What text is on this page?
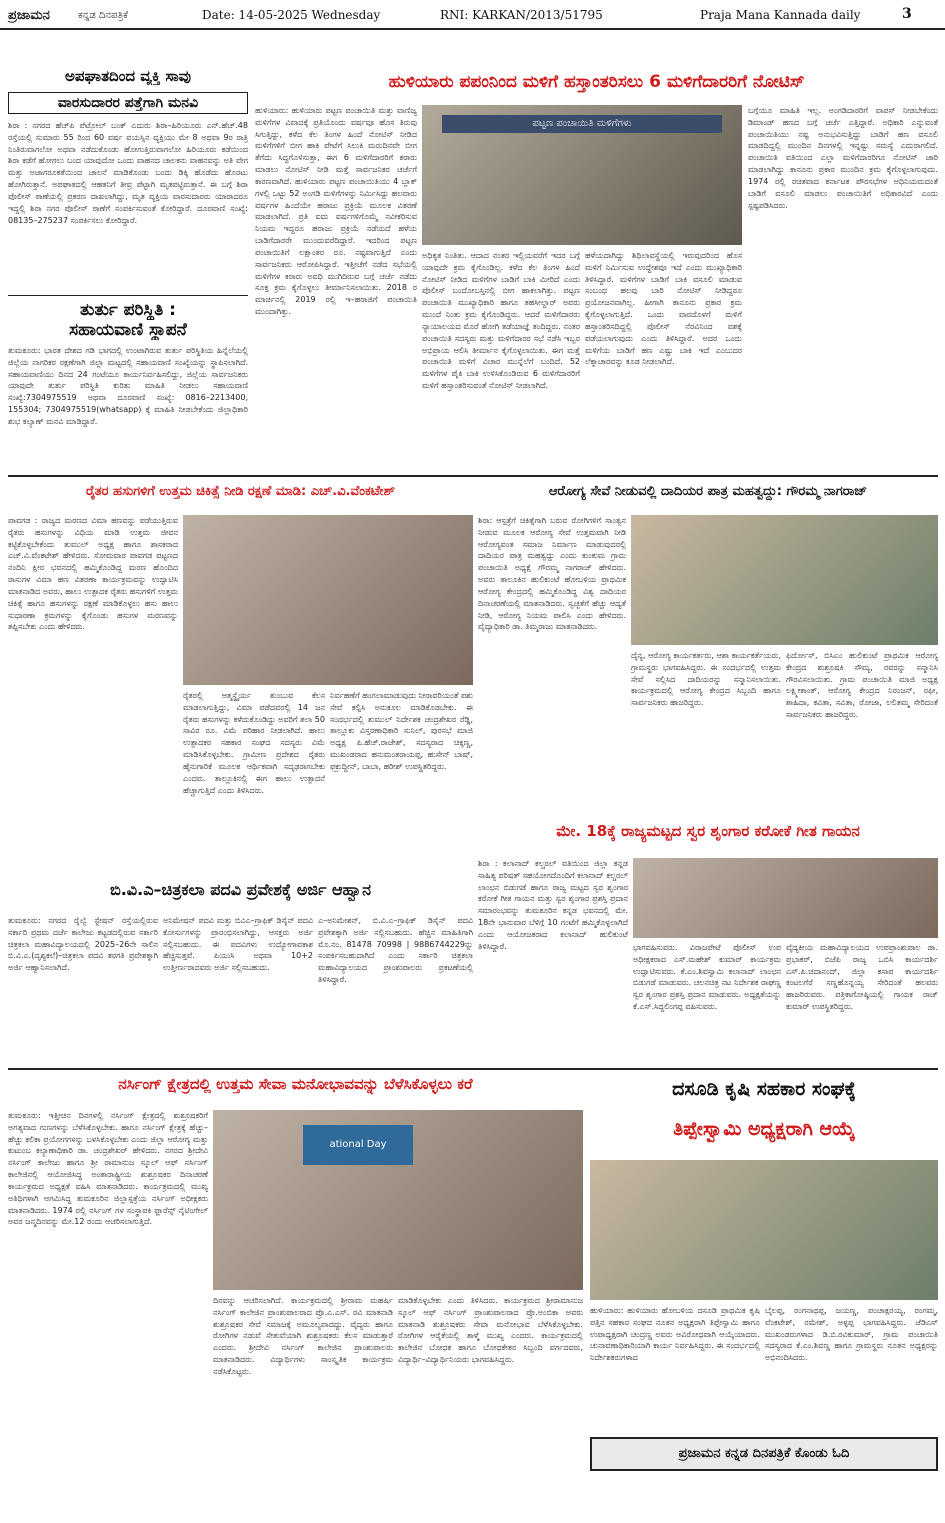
ಪ್ರಜಾಮನ	ಕನ್ನಡ ದಿನಪತ್ರಿಕೆ	Date: 14-05-2025 Wednesday	RNI: KARKAN/2013/51795	Praja Mana Kannada daily	3
ಅಪಘಾತದಿಂದ ವ್ಯಕ್ತಿ ಸಾವು
ವಾರಸುದಾರರ ಪತ್ತೆಗಾಗಿ ಮನವಿ
ಶಿರಾ : ನಗರದ ಹೆಚ್‌ಪಿ ಪೆಟ್ರೋಲ್ ಬಂಕ್ ಎದುರು ಶಿರಾ–ಹಿರಿಯೂರು ಎನ್.ಹೆಚ್.48 ರಸ್ತೆಯಲ್ಲಿ ಸುಮಾರು 55 ರಿಂದ 60 ವರ್ಷ ವಯಸ್ಸಿನ ವ್ಯಕ್ತಿಯು ಮೇ 8 ಅಥವಾ 9ರ ರಾತ್ರಿ ನಿಂತಿರುವಾಗಲೋ ಅಥವಾ ನಡೆದುಕೊಂಡು ಹೋಗುತ್ತಿರುವಾಗಲೋ ಹಿರಿಯೂರು ಕಡೆಯಿಂದ ಶಿರಾ ಕಡೆಗೆ ಹೋಗಲು ಬಂದ ಯಾವುದೋ ಒಂದು ವಾಹನದ ಚಾಲಕನು ವಾಹನವನ್ನು ಅತಿ ವೇಗ ಮತ್ತು ಅಜಾಗರೂಕತೆಯಿಂದ ಚಾಲನೆ ಮಾಡಿಕೊಂಡು ಬಂದು ಡಿಕ್ಕಿ ಹೊಡೆದು ಹೊರಟು ಹೋಗಿರುತ್ತಾನೆ. ಅಪಘಾತದಲ್ಲಿ ಆಹತನಿಗೆ ತೀವ್ರ ಪೆಟ್ಟಾಗಿ ಮೃತಪಟ್ಟಿರುತ್ತಾನೆ. ಈ ಬಗ್ಗೆ ಶಿರಾ ಪೊಲೀಸ್ ಠಾಣೆಯಲ್ಲಿ ಪ್ರಕರಣ ದಾಖಲಾಗಿದ್ದು, ಮೃತ ವ್ಯಕ್ತಿಯ ವಾರಸುದಾರರು ಯಾರಾದರೂ ಇದ್ದಲ್ಲಿ ಶಿರಾ ನಗರ ಪೊಲೀಸ್ ಠಾಣೆಗೆ ಸಂಪರ್ಕಿಸುವಂತೆ ಕೋರಿದ್ದಾರೆ. ದೂರವಾಣಿ ಸಂಖ್ಯೆ: 08135–275237 ಸಂಪರ್ಕಿಸಲು ಕೋರಿದ್ದಾರೆ.
ತುರ್ತು ಪರಿಸ್ಥಿತಿ :
ಸಹಾಯವಾಣಿ ಸ್ಥಾಪನೆ
ತುಮಕೂರು: ಭಾರತ ದೇಶದ ಗಡಿ ಭಾಗದಲ್ಲಿ ಉಂಟಾಗಿರುವ ತುರ್ತು ಪರಿಸ್ಥಿತಿಯ ಹಿನ್ನೆಲೆಯಲ್ಲಿ ಜಿಲ್ಲೆಯ ನಾಗರಿಕರ ರಕ್ಷಣೆಗಾಗಿ ಜಿಲ್ಲಾ ಮಟ್ಟದಲ್ಲಿ ಸಹಾಯವಾಣಿ ಸಂಖ್ಯೆಯನ್ನು ಸ್ಥಾಪಿಸಲಾಗಿದೆ. ಸಹಾಯವಾಣಿಯು ದಿನದ 24 ಗಂಟೆಯೂ ಕಾರ್ಯನಿರ್ವಹಿಸಲಿದ್ದು, ಜಿಲ್ಲೆಯ ಸಾರ್ವಜನಿಕರು ಯಾವುದೇ ತುರ್ತು ಪರಿಸ್ಥಿತಿ ಕುರಿತು ಮಾಹಿತಿ ನೀಡಲು ಸಹಾಯವಾಣಿ ಸಂಖ್ಯೆ:7304975519 ಅಥವಾ ದೂರವಾಣಿ ಸಂಖ್ಯೆ: 0816–2213400, 155304; 7304975519(whatsapp) ಕ್ಕೆ ಮಾಹಿತಿ ನೀಡಬೇಕೆಂದು ಜಿಲ್ಲಾಧಿಕಾರಿ ಶುಭ ಕಲ್ಯಾಣ್ ಮನವಿ ಮಾಡಿದ್ದಾರೆ.
ಹುಳಿಯಾರು ಪಪಂನಿಂದ ಮಳಿಗೆ ಹಸ್ತಾಂತರಿಸಲು 6 ಮಳಿಗೆದಾರರಿಗೆ ನೋಟಿಸ್
ಹುಳಿಯಾರು: ಹುಳಿಯಾರು ಪಟ್ಟಣ ಪಂಚಾಯಿತಿ ಮತ್ತು ವಾಣಿಜ್ಯ ಮಳಿಗೆಗಳ ವಿವಾದಕ್ಕೆ ಪ್ರತಿಯೊಂದು ವರ್ಷವೂ ಹೊಸ ತಿರುವು ಸಿಗುತ್ತಿದ್ದು, ಕಳೆದ ಕೆಲ ತಿಂಗಳ ಹಿಂದೆ ನೋಟಿಸ್ ನೀಡಿದ ಮಳಿಗೆಗಳಿಗೆ ಬೀಗ ಹಾಕಿ ಪೇಟೆಗೆ ಸಿಲುಕಿ ಮರುದಿನವೇ ಬೀಗ ತೆಗೆದು ಸಿದ್ಧಗೊಳಿಸುತ್ತಾ, ಈಗ 6 ಮಳಿಗೆದಾರರಿಗೆ ಕರಾರು ಮಾಡಲು ನೋಟಿಸ್ ನೀಡಿ ಮತ್ತೆ ಸಾರ್ವಜನಿಕರ ಚರ್ಚೆಗೆ ಕಾರಣವಾಗಿದೆ. ಹುಳಿಯಾರು ಪಟ್ಟಣ ಪಂಚಾಯಿತಿಯು 4 ಬ್ಲಾಕ್ ಗಳಲ್ಲಿ ಒಟ್ಟು 52 ಅಂಗಡಿ ಮಳಿಗೆಗಳನ್ನು ನಿರ್ಮಿಸಿದ್ದು ಹಲವಾರು ವರ್ಷಗಳ ಹಿಂದೆಯೇ ಹರಾಜು ಪ್ರಕ್ರಿಯೆ ಮೂಲಕ ವಿತರಣೆ ಮಾಡಲಾಗಿದೆ. ಪ್ರತಿ ಐದು ವರ್ಷಗಳಿಗೊಮ್ಮೆ ನವೀಕರಿಸುವ ನಿಯಮ ಇದ್ದರೂ ಹರಾಜು ಪ್ರಕ್ರಿಯೆ ನಡೆಯದೆ ಹಳೆಯ ಬಾಡಿಗೆದಾರರೇ ಮುಂದುವರೆದಿದ್ದಾರೆ. ಇದರಿಂದ ಪಟ್ಟಣ ಪಂಚಾಯಿತಿಗೆ ಲಕ್ಷಾಂತರ ರೂ. ನಷ್ಟವಾಗುತ್ತಿದೆ ಎಂದು ಸಾರ್ವಜನಿಕರು ಆರೋಪಿಸಿದ್ದಾರೆ. ಇತ್ತೀಚೆಗೆ ನಡೆದ ಸಭೆಯಲ್ಲಿ ಮಳಿಗೆಗಳ ಕರಾರು ಅವಧಿ ಮುಗಿದಿರುವ ಬಗ್ಗೆ ಚರ್ಚೆ ನಡೆದು ಸೂಕ್ತ ಕ್ರಮ ಕೈಗೊಳ್ಳಲು ತೀರ್ಮಾನಿಸಲಾಯಿತು. 2018 ರ ಮಾರ್ಚಿನಲ್ಲಿ 2019 ರಲ್ಲಿ ಇ–ಹರಾಜಿಗೆ ಪಂಚಾಯಿತಿ ಮುಂದಾಗಿತ್ತು.
ಪಟ್ಟಣ ಪಂಚಾಯಿತಿ ಮಳಿಗೆಗಳು
ಅಧಿಕೃತ ನಿಂತಿತು. ಆದಾದ ನಂತರ ಇಲ್ಲಿಯವರೆಗೆ ಇದರ ಬಗ್ಗೆ ಯಾವುದೇ ಕ್ರಮ ಕೈಗೊಂಡಿಲ್ಲ. ಕಳೆದ ಕೆಲ ತಿಂಗಳ ಹಿಂದೆ ನೋಟಿಸ್ ನೀಡಿದ ಮಳಿಗೆಗಳ ಬಾಡಿಗೆ ಬಾಕಿ ಮೀರಿದೆ ಎಂದು ಪೊಲೀಸ್ ಬಂದೋಬಸ್ತಿನಲ್ಲಿ ಬೀಗ ಹಾಕಲಾಗಿತ್ತು. ಪಟ್ಟಣ ಪಂಚಾಯಿತಿ ಮುಖ್ಯಾಧಿಕಾರಿ ಹಾಗೂ ತಹಸೀಲ್ದಾರ್ ಅವರು ಮುಂದೆ ನಿಂತು ಕ್ರಮ ಕೈಗೊಂಡಿದ್ದರು. ಆದರೆ ಮಳಿಗೆದಾರರು ನ್ಯಾಯಾಲಯದ ಮೊರೆ ಹೋಗಿ ತಡೆಯಾಜ್ಞೆ ತಂದಿದ್ದರು. ನಂತರ ಪಂಚಾಯಿತಿ ಸದಸ್ಯರು ಮತ್ತು ಮಳಿಗೆದಾರರ ಸಭೆ ನಡೆಸಿ ಇಬ್ಬರ ಅಭಿಪ್ರಾಯ ಆಲಿಸಿ ತೀರ್ಮಾನ ಕೈಗೊಳ್ಳಲಾಯಿತು. ಈಗ ಮತ್ತೆ ಪಂಚಾಯಿತಿ ಮಳಿಗೆ ವಿಚಾರ ಮುನ್ನೆಲೆಗೆ ಬಂದಿದೆ. 52 ಮಳಿಗೆಗಳ ಪೈಕಿ ಬಾಕಿ ಉಳಿಸಿಕೊಂಡಿರುವ 6 ಮಳಿಗೆದಾರರಿಗೆ ಮಳಿಗೆ ಹಸ್ತಾಂತರಿಸುವಂತೆ ನೋಟಿಸ್ ನೀಡಲಾಗಿದೆ.
ಹಳೆಯದಾಗಿದ್ದು ಶಿಥಿಲಾವಸ್ಥೆಯಲ್ಲಿ ಇರುವುದರಿಂದ ಹೊಸ ಮಳಿಗೆ ನಿರ್ಮಿಸುವ ಉದ್ದೇಶವೂ ಇದೆ ಎಂದು ಮುಖ್ಯಾಧಿಕಾರಿ ತಿಳಿಸಿದ್ದಾರೆ. ಮಳಿಗೆಗಳ ಬಾಡಿಗೆ ಬಾಕಿ ವಸೂಲಿ ಮಾಡುವ ಸಂಬಂಧ ಹಲವು ಬಾರಿ ನೋಟಿಸ್ ನೀಡಿದ್ದರೂ ಪ್ರಯೋಜನವಾಗಿಲ್ಲ. ಹೀಗಾಗಿ ಕಾನೂನು ಪ್ರಕಾರ ಕ್ರಮ ಕೈಗೊಳ್ಳಲಾಗುತ್ತಿದೆ. ಒಂದು ವಾರದೊಳಗೆ ಮಳಿಗೆ ಹಸ್ತಾಂತರಿಸದಿದ್ದಲ್ಲಿ ಪೊಲೀಸ್ ನೆರವಿನಿಂದ ವಶಕ್ಕೆ ಪಡೆಯಲಾಗುವುದು ಎಂದು ತಿಳಿಸಿದ್ದಾರೆ. ಅದರ ಒಂದು ಮಳಿಗೆಯ ಬಾಡಿಗೆ ಹಣ ಎಷ್ಟು ಬಾಕಿ ಇದೆ ಎಂಬುದರ ಲೆಕ್ಕಾಚಾರವನ್ನು ಕೂಡ ನೀಡಲಾಗಿದೆ.
ಬಗ್ಗೆಯೂ ಮಾಹಿತಿ ಇಲ್ಲ. ಅಂಗಡಿದಾರರಿಗೆ ವಾಪಸ್ ನೀಡಬೇಕೆಂದು ಡಿಮಾಂಡ್ ಹಣದ ಬಗ್ಗೆ ಚರ್ಚೆ ಎತ್ತಿದ್ದಾರೆ. ಅಧಿಕಾರಿ ಎನ್ನುವಂತೆ ಪಂಚಾಯಿತಿಯು ನಷ್ಟ ಅನುಭವಿಸುತ್ತಿದ್ದು ಬಾಡಿಗೆ ಹಣ ವಸೂಲಿ ಮಾಡದಿದ್ದಲ್ಲಿ ಮುಂದಿನ ದಿನಗಳಲ್ಲಿ ಇನ್ನಷ್ಟು ಸಮಸ್ಯೆ ಎದುರಾಗಲಿದೆ. ಪಂಚಾಯಿತಿ ವತಿಯಿಂದ ಎಲ್ಲಾ ಮಳಿಗೆದಾರರಿಗೂ ನೋಟಿಸ್ ಜಾರಿ ಮಾಡಲಾಗಿದ್ದು ಕಾನೂನು ಪ್ರಕಾರ ಮುಂದಿನ ಕ್ರಮ ಕೈಗೊಳ್ಳಲಾಗುವುದು. 1974 ರಲ್ಲಿ ರಚಿತವಾದ ಕರ್ನಾಟಕ ಪೌರಸಭೆಗಳ ಅಧಿನಿಯಮದಂತೆ ಬಾಡಿಗೆ ವಸೂಲಿ ಮಾಡಲು ಪಂಚಾಯಿತಿಗೆ ಅಧಿಕಾರವಿದೆ ಎಂದು ಸ್ಪಷ್ಟಪಡಿಸಿದರು.
ರೈತರ ಹಸುಗಳಿಗೆ ಉತ್ತಮ ಚಿಕಿತ್ಸೆ ನೀಡಿ ರಕ್ಷಣೆ ಮಾಡಿ: ಎಚ್.ವಿ.ವೆಂಕಟೇಶ್
ಪಾವಗಡ : ರಾಜ್ಯದ ಮರಣದ ವಿಮಾ ಹಣವನ್ನು ಪಡೆಯುತ್ತಿರುವ ರೈತರು ಹಸುಗಳನ್ನು ವಿಧಿಯ ಮಾಡಿ ಉತ್ತಮ ಜೀವನ ಕಟ್ಟಿಕೊಳ್ಳಬೇಕೆಂದು ತುಮುಲ್ ಅಧ್ಯಕ್ಷ ಹಾಗೂ ಶಾಸಕರಾದ ಎಚ್.ವಿ.ವೆಂಕಟೇಶ್ ಹೇಳಿದರು. ಸೋಮವಾರ ಪಾವಗಡ ಪಟ್ಟಣದ ನಂದಿನಿ ಕ್ಷೀರ ಭವನದಲ್ಲಿ ಹಮ್ಮಿಕೊಂಡಿದ್ದ ಮರಣ ಹೊಂದಿದ ರಾಸುಗಳ ವಿಮಾ ಹಣ ವಿತರಣಾ ಕಾರ್ಯಕ್ರಮವನ್ನು ಉದ್ಘಾಟಿಸಿ ಮಾತನಾಡಿದ ಅವರು, ಹಾಲು ಉತ್ಪಾದಕ ರೈತರು ಹಸುಗಳಿಗೆ ಉತ್ತಮ ಚಿಕಿತ್ಸೆ ಹಾಗೂ ಹಸುಗಳನ್ನು ರಕ್ಷಣೆ ಮಾಡಿಕೊಳ್ಳಲು ಹಸು ಹಾಲು ಸುಧಾರಣಾ ಕ್ರಮಗಳನ್ನು ಕೈಗೊಂಡು ಹಸುಗಳ ಮರಣವನ್ನು ತಪ್ಪಿಸಬೇಕು ಎಂದು ಹೇಳಿದರು.
ರೈತರಲ್ಲಿ ಆತ್ಮಸ್ಥೈರ್ಯ ತುಂಬುವ ಕೆಲಸ ಮಾಡಲಾಗುತ್ತಿದ್ದು, ವಿಮಾ ಪಡೆದವರಲ್ಲಿ 14 ಜನ ರೈತರು ಹಸುಗಳನ್ನು ಕಳೆದುಕೊಂಡಿದ್ದು ಅವರಿಗೆ ತಲಾ 50 ಸಾವಿರ ರೂ. ವಿಮೆ ಪರಿಹಾರ ನೀಡಲಾಗಿದೆ. ಹಾಲು ಉತ್ಪಾದಕರ ಸಹಕಾರ ಸಂಘದ ಸದಸ್ಯರು ವಿಮೆ ಮಾಡಿಸಿಕೊಳ್ಳಬೇಕು. ಗ್ರಾಮೀಣ ಪ್ರದೇಶದ ರೈತರು ಹೈನುಗಾರಿಕೆ ಮೂಲಕ ಆರ್ಥಿಕವಾಗಿ ಸದೃಢರಾಗಬೇಕು ಎಂದರು. ತಾಲ್ಲೂಕಿನಲ್ಲಿ ಈಗ ಹಾಲು ಉತ್ಪಾದನೆ ಹೆಚ್ಚಾಗುತ್ತಿದೆ ಎಂದು ತಿಳಿಸಿದರು.
ನಿರ್ವಹಣೆಗೆ ಹಂಗಲಾಮಾಡುವುದು ನೀರಾವರಿಯಂತೆ ಪಶು ಸೇವೆ ಕಲ್ಪಿಸಿ ಅನುಕೂಲ ಮಾಡಿಕೊಡಬೇಕು. ಈ ಸಂದರ್ಭದಲ್ಲಿ ತುಮುಲ್ ನಿರ್ದೇಶಕ ಚಂದ್ರಶೇಖರ ರೆಡ್ಡಿ, ತಾಲ್ಲೂಕು ವಿಸ್ತರಣಾಧಿಕಾರಿ ಸುನಿಲ್, ಪುರಸಭೆ ಮಾಜಿ ಅಧ್ಯಕ್ಷ ಪಿ.ಹೆಚ್.ರಾಜೇಶ್, ಸದಸ್ಯರಾದ ಚಿಕ್ಕಣ್ಣ, ಮುಖಂಡರಾದ ಹನುಮಂತರಾಯಪ್ಪ, ಹುಸೇನ್ ಬಾಷ್, ಫಕ್ರುದ್ದೀನ್, ಬಾಬಾ, ಹರೀಶ್ ಉಪಸ್ಥಿತರಿದ್ದರು.
ಆರೋಗ್ಯ ಸೇವೆ ನೀಡುವಲ್ಲಿ ದಾದಿಯರ ಪಾತ್ರ ಮಹತ್ವದ್ದು: ಗೌರಮ್ಮ ನಾಗರಾಜ್
ಶಿರಾ: ಆಸ್ಪತ್ರೆಗೆ ಚಿಕಿತ್ಸೆಗಾಗಿ ಬರುವ ರೋಗಿಗಳಿಗೆ ಸಾಂತ್ವನ ನೀಡುವ ಮೂಲಕ ಆರೋಗ್ಯ ಸೇವೆ ಉತ್ತಮವಾಗಿ ನೀಡಿ ಆರೋಗ್ಯವಂತ ಸಮಾಜ ನಿರ್ಮಾಣ ಮಾಡುವುದರಲ್ಲಿ ದಾದಿಯರ ಪಾತ್ರ ಮಹತ್ವದ್ದು ಎಂದು ಕುಂಕುಮ ಗ್ರಾಮ ಪಂಚಾಯಿತಿ ಅಧ್ಯಕ್ಷೆ ಗೌರಮ್ಮ ನಾಗರಾಜ್ ಹೇಳಿದರು. ಅವರು ತಾಲೂಕಿನ ಹುಲಿಕುಂಟೆ ಹೋಬಳಿಯ ಪ್ರಾಥಮಿಕ ಆರೋಗ್ಯ ಕೇಂದ್ರದಲ್ಲಿ ಹಮ್ಮಿಕೊಂಡಿದ್ದ ವಿಶ್ವ ದಾದಿಯರ ದಿನಾಚರಣೆಯಲ್ಲಿ ಮಾತನಾಡಿದರು. ಸ್ವಚ್ಛತೆಗೆ ಹೆಚ್ಚು ಆದ್ಯತೆ ನೀಡಿ, ಆರೋಗ್ಯ ನಿಯಮ ಪಾಲಿಸಿ ಎಂದು ಹೇಳಿದರು. ವೈದ್ಯಾಧಿಕಾರಿ ಡಾ. ತಿಮ್ಮರಾಜು ಮಾತನಾಡಿದರು.
ದೈನ್ಯ, ಆರೋಗ್ಯ ಕಾರ್ಯಕರ್ತರು, ಆಶಾ ಕಾರ್ಯಕರ್ತೆಯರು, ಗ್ರಾಮಸ್ಥರು ಭಾಗವಹಿಸಿದ್ದರು. ಈ ಸಂದರ್ಭದಲ್ಲಿ ಉತ್ತಮ ಸೇವೆ ಸಲ್ಲಿಸಿದ ದಾದಿಯರನ್ನು ಸನ್ಮಾನಿಸಲಾಯಿತು. ಕಾರ್ಯಕ್ರಮದಲ್ಲಿ ಆರೋಗ್ಯ ಕೇಂದ್ರದ ಸಿಬ್ಬಂದಿ ಹಾಗೂ ಸಾರ್ವಜನಿಕರು ಹಾಜರಿದ್ದರು.
ಫಿರ್ದೋಸ್, ಬಿಸಿಎಂ ಹುಲಿಕುಂಟೆ ಪ್ರಾಥಮಿಕ ಆರೋಗ್ಯ ಕೇಂದ್ರದ ಶುಶ್ರೂಷಕಿ ಸೌಮ್ಯ, ರವರನ್ನು ಸನ್ಮಾನಿಸಿ ಗೌರವಿಸಲಾಯಿತು. ಗ್ರಾಮ ಪಂಚಾಯಿತಿ ಮಾಜಿ ಅಧ್ಯಕ್ಷ ಲಕ್ಷ್ಮೀಕಾಂತ್, ಆರೋಗ್ಯ ಕೇಂದ್ರದ ನಿರಂಜನ್, ರಫೀ, ಶಾಹಿದಾ, ಕವಿತಾ, ಸವಿತಾ, ರೋಜಾ, ಲಲಿತಮ್ಮ ಸೇರಿದಂತೆ ಸಾರ್ವಜನಿಕರು ಹಾಜರಿದ್ದರು.
ಮೇ. 18ಕ್ಕೆ ರಾಜ್ಯಮಟ್ಟದ ಸ್ವರ ಶೃಂಗಾರ ಕರೋಕೆ ಗೀತ ಗಾಯನ
ಶಿರಾ : ಕಲಾನಾದ್ ಕಲ್ಚರಲ್ ವತಿಯಿಂದ ಜಿಲ್ಲಾ ಕನ್ನಡ ಸಾಹಿತ್ಯ ಪರಿಷತ್ ಸಹಯೋಗದೊಂದಿಗೆ ಕಲಾನಾದ್ ಕಲ್ಚರಲ್ ಲಾಂಛನ ಬಿಡುಗಡೆ ಹಾಗೂ ರಾಜ್ಯ ಮಟ್ಟದ ಸ್ವರ ಶೃಂಗಾರ ಕರೋಕೆ ಗೀತ ಗಾಯನ ಮತ್ತು ಸ್ವರ ಶೃಂಗಾರ ಪ್ರಶಸ್ತಿ ಪ್ರದಾನ ಸಮಾರಂಭವನ್ನು ತುಮಕೂರಿನ ಕನ್ನಡ ಭವನದಲ್ಲಿ ಮೇ. 18ನೇ ಭಾನುವಾರ ಬೆಳಿಗ್ಗೆ 10 ಗಂಟೆಗೆ ಹಮ್ಮಿಕೊಳ್ಳಲಾಗಿದೆ ಎಂದು ಆಯೋಜಕರಾದ ಕಲಾನಾದ್ ಹುಲಿಕುಂಟೆ ತಿಳಿಸಿದ್ದಾರೆ.	ಭಾಗವಹಿಸುವರು. ವಿರಾಜಪೇಟೆ ಪೊಲೀಸ್ ಉಪ ಅಧೀಕ್ಷಕರಾದ ಎಸ್.ಮಹೇಶ್ ಕುಮಾರ್ ಕಾರ್ಯಕ್ರಮ ಉದ್ಘಾಟಿಸುವರು. ಕೆ.ಎಂ.ಶಿವಸ್ವಾಮಿ ಕಲಾನಾದ್ ಲಾಂಛನ ಬಿಡುಗಡೆ ಮಾಡುವರು. ಚಲನಚಿತ್ರ ನಟ ನಿರ್ದೇಶಕ ರಾಘಣ್ಣ ಸ್ವರ ಶೃಂಗಾರ ಪ್ರಶಸ್ತಿ ಪ್ರದಾನ ಮಾಡುವರು. ಅಧ್ಯಕ್ಷತೆಯನ್ನು ಕೆ.ಎಸ್.ಸಿದ್ದಲಿಂಗಪ್ಪ ವಹಿಸುವರು.
ವೈದ್ಯಕೀಯ ಮಹಾವಿದ್ಯಾಲಯದ ಉಪಪ್ರಾಂಶುಪಾಲ ಡಾ. ಪ್ರಭಾಕರ್, ಬಿಜೆಪಿ ರಾಜ್ಯ ಒಬಿಸಿ ಕಾರ್ಯದರ್ಶಿ ಎಸ್.ಪಿ.ಚಿದಾನಂದ್, ಜಿಲ್ಲಾ ಕಸಾಪ ಕಾರ್ಯದರ್ಶಿ ಕಂಟಲಗೆರೆ ಸಣ್ಣಹೊನ್ನಯ್ಯ ಸೇರಿದಂತೆ ಹಲವರು ಹಾಜರಿರುವರು. ಪತ್ರಿಕಾಗೋಷ್ಠಿಯಲ್ಲಿ ಗಾಯಕ ರಾಜ್ ಕುಮಾರ್ ಉಪಸ್ಥಿತರಿದ್ದರು.
ಬಿ.ವಿ.ಎ–ಚಿತ್ರಕಲಾ ಪದವಿ ಪ್ರವೇಶಕ್ಕೆ ಅರ್ಜಿ ಆಹ್ವಾನ
ತುಮಕೂರು: ನಗರದ ರೈಲ್ವೆ ಸ್ಟೇಷನ್ ರಸ್ತೆಯಲ್ಲಿರುವ ಸರ್ಕಾರಿ ಪ್ರಥಮ ದರ್ಜೆ ಕಾಲೇಜು ಕಟ್ಟಡದಲ್ಲಿರುವ ಸರ್ಕಾರಿ ಚಿತ್ರಕಲಾ ಮಹಾವಿದ್ಯಾಲಯದಲ್ಲಿ 2025–26ನೇ ಸಾಲಿನ ಬಿ.ವಿ.ಎ.(ದೃಶ್ಯಕಲೆ)–ಚಿತ್ರಕಲಾ ಪದವಿ ತರಗತಿ ಪ್ರವೇಶಕ್ಕಾಗಿ ಅರ್ಜಿ ಆಹ್ವಾನಿಸಲಾಗಿದೆ.
ಅನಿಮೇಷನ್ ಪದವಿ ಮತ್ತು ಬಿವಿಎ–ಗ್ರಾಫಿಕ್ ಡಿಸೈನ್ ಪದವಿ ಕೋರ್ಸುಗಳನ್ನು ಪ್ರಾರಂಭಿಸಲಾಗಿದ್ದು, ಆಸಕ್ತರು ಅರ್ಜಿ ಸಲ್ಲಿಸಬಹುದು. ಈ ಪದವಿಗಳು ಉದ್ಯೋಗಾವಕಾಶ ಹೆಚ್ಚಿಸುತ್ತವೆ. ಪಿಯುಸಿ ಅಥವಾ 10+2 ಉತ್ತೀರ್ಣರಾದವರು ಅರ್ಜಿ ಸಲ್ಲಿಸಬಹುದು.
ಎ–ಅನಿಮೇಶನ್, ಬಿ.ವಿ.ಎ–ಗ್ರಾಫಿಕ್ ಡಿಸೈನ್ ಪದವಿ ಪ್ರವೇಶಕ್ಕಾಗಿ ಅರ್ಜಿ ಸಲ್ಲಿಸಬಹುದು. ಹೆಚ್ಚಿನ ಮಾಹಿತಿಗಾಗಿ ಮೊ.ನಂ. 81478 70998 | 9886744229ನ್ನು ಸಂಪರ್ಕಿಸಬಹುದಾಗಿದೆ ಎಂದು ಸರ್ಕಾರಿ ಚಿತ್ರಕಲಾ ಮಹಾವಿದ್ಯಾಲಯದ ಪ್ರಾಂಶುಪಾಲರು ಪ್ರಕಟಣೆಯಲ್ಲಿ ತಿಳಿಸಿದ್ದಾರೆ.
ನರ್ಸಿಂಗ್ ಕ್ಷೇತ್ರದಲ್ಲಿ ಉತ್ತಮ ಸೇವಾ ಮನೋಭಾವವನ್ನು ಬೆಳೆಸಿಕೊಳ್ಳಲು ಕರೆ
ತುಮಕೂರು: ಇತ್ತೀಚಿನ ದಿನಗಳಲ್ಲಿ ನರ್ಸಿಂಗ್ ಕ್ಷೇತ್ರದಲ್ಲಿ ಶುಶ್ರೂಷಕರಿಗೆ ಅಗತ್ಯವಾದ ಗುಣಗಳನ್ನು ಬೆಳೆಸಿಕೊಳ್ಳಬೇಕು. ಹಾಗೂ ನರ್ಸಿಂಗ್ ಕ್ಷೇತ್ರಕ್ಕೆ ಹೆಚ್ಚು–ಹೆಚ್ಚು ಕಲಿಕಾ ಪ್ರಯೋಗಗಳನ್ನು ಬಳಸಿಕೊಳ್ಳಬೇಕು ಎಂದು ಜಿಲ್ಲಾ ಆರೋಗ್ಯ ಮತ್ತು ಕುಟುಂಬ ಕಲ್ಯಾಣಾಧಿಕಾರಿ ಡಾ. ಚಂದ್ರಶೇಖರ್ ಹೇಳಿದರು. ನಗರದ ಶ್ರೀದೇವಿ ನರ್ಸಿಂಗ್ ಕಾಲೇಜು ಹಾಗೂ ಶ್ರೀ ರಾಮಾನುಜ ಸ್ಕೂಲ್ ಆಫ್ ನರ್ಸಿಂಗ್ ಕಾಲೇಜಿನಲ್ಲಿ ಆಯೋಜಿಸಿದ್ದ ಅಂತಾರಾಷ್ಟ್ರೀಯ ಶುಶ್ರೂಷಕರ ದಿನಾಚರಣೆ ಕಾರ್ಯಕ್ರಮದ ಅಧ್ಯಕ್ಷತೆ ವಹಿಸಿ ಮಾತನಾಡಿದರು. ಕಾರ್ಯಕ್ರಮದಲ್ಲಿ ಮುಖ್ಯ ಅತಿಥಿಗಳಾಗಿ ಆಗಮಿಸಿದ್ದ ತುಮಕೂರಿನ ಜಿಲ್ಲಾಸ್ಪತ್ರೆಯ ನರ್ಸಿಂಗ್ ಅಧೀಕ್ಷಕರು ಮಾತನಾಡಿದರು. 1974 ರಲ್ಲಿ ನರ್ಸಿಂಗ್ ಗಳ ಸಂಸ್ಥಾಪಕಿ ಫ್ಲಾರೆನ್ಸ್ ನೈಟಿಂಗೇಲ್ ಅವರ ಜನ್ಮದಿನವನ್ನು ಮೇ.12 ರಂದು ಆಚರಿಸಲಾಗುತ್ತಿದೆ.
ational Day
ದಿನವನ್ನು ಆಚರಿಸಲಾಗಿದೆ. ಕಾರ್ಯಕ್ರಮದಲ್ಲಿ ಶ್ರೀರಾಮ ಮಹರ್ಷಿ ನರ್ಸಿಂಗ್ ಕಾಲೇಜಿನ ಪ್ರಾಂಶುಪಾಲರಾದ ಪ್ರೊ.ಎ.ಎಸ್. ರವಿ ಮಾತನಾಡಿ ಶುಶ್ರೂಷಕರ ಸೇವೆ ಸಮಾಜಕ್ಕೆ ಅಮೂಲ್ಯವಾದದ್ದು. ವೈದ್ಯರು ಹಾಗೂ ರೋಗಿಗಳ ನಡುವೆ ಸೇತುವೆಯಾಗಿ ಶುಶ್ರೂಷಕರು ಕೆಲಸ ಮಾಡುತ್ತಾರೆ ಎಂದರು. ಶ್ರೀದೇವಿ ನರ್ಸಿಂಗ್ ಕಾಲೇಜಿನ ಪ್ರಾಂಶುಪಾಲರು ಮಾತನಾಡಿದರು. ವಿದ್ಯಾರ್ಥಿಗಳು ಸಾಂಸ್ಕೃತಿಕ ಕಾರ್ಯಕ್ರಮ ನಡೆಸಿಕೊಟ್ಟರು.
ಮಾಡಿಕೊಳ್ಳಬೇಕು ಎಂದು ತಿಳಿಸಿದರು. ಕಾರ್ಯಕ್ರಮದ ಶ್ರೀರಾಮಾನುಜ ಸ್ಕೂಲ್ ಆಫ್ ನರ್ಸಿಂಗ್ ಪ್ರಾಂಶುಪಾಲರಾದ ಪ್ರೊ.ಅಂಬಿಕಾ ಅವರು ಮಾತನಾಡಿ ಶುಶ್ರೂಷಕರು ಸೇವಾ ಮನೋಭಾವ ಬೆಳೆಸಿಕೊಳ್ಳಬೇಕು. ರೋಗಿಗಳ ಆರೈಕೆಯಲ್ಲಿ ತಾಳ್ಮೆ ಮುಖ್ಯ ಎಂದರು. ಕಾರ್ಯಕ್ರಮದಲ್ಲಿ ಕಾಲೇಜಿನ ಬೋಧಕ ಹಾಗೂ ಬೋಧಕೇತರ ಸಿಬ್ಬಂದಿ ವರ್ಗದವರು, ವಿದ್ಯಾರ್ಥಿ–ವಿದ್ಯಾರ್ಥಿನಿಯರು ಭಾಗವಹಿಸಿದ್ದರು.
ದಸೂಡಿ ಕೃಷಿ ಸಹಕಾರ ಸಂಘಕ್ಕೆ
ತಿಪ್ಪೇಸ್ವಾಮಿ ಅಧ್ಯಕ್ಷರಾಗಿ ಆಯ್ಕೆ
ಹುಳಿಯಾರು: ಹುಳಿಯಾರು ಹೋಬಳಿಯ ದಸೂಡಿ ಪ್ರಾಥಮಿಕ ಕೃಷಿ ಪತ್ತಿನ ಸಹಕಾರ ಸಂಘದ ನೂತನ ಅಧ್ಯಕ್ಷರಾಗಿ ತಿಪ್ಪೇಸ್ವಾಮಿ ಹಾಗೂ ಉಪಾಧ್ಯಕ್ಷರಾಗಿ ಚಂದ್ರಣ್ಣ ಅವರು ಅವಿರೋಧವಾಗಿ ಆಯ್ಕೆಯಾದರು. ಚುನಾವಣಾಧಿಕಾರಿಯಾಗಿ ಕಾರ್ಯ ನಿರ್ವಹಿಸಿದ್ದರು. ಈ ಸಂದರ್ಭದಲ್ಲಿ ನಿರ್ದೇಶಕರುಗಳಾದ
ಬೈಲಪ್ಪ, ರಂಗನಾಥಪ್ಪ, ಜಯಣ್ಣ, ಪಂಚಾಕ್ಷರಯ್ಯ, ರಂಗಮ್ಮ, ವೆಂಕಟೇಶ್, ರಮೇಶ್, ಅಳ್ಳಪ್ಪ ಭಾಗವಹಿಸಿದ್ದರು. ಜೆಡಿಎಸ್ ಮುಖಂಡರುಗಳಾದ ಡಿ.ಬಿ.ರವಿಕುಮಾರ್, ಗ್ರಾಮ ಪಂಚಾಯಿತಿ ಸದಸ್ಯರಾದ ಕೆ.ಎಂ.ಶಿವಣ್ಣ ಹಾಗೂ ಗ್ರಾಮಸ್ಥರು ನೂತನ ಅಧ್ಯಕ್ಷರನ್ನು ಅಭಿನಂದಿಸಿದರು.
ಪ್ರಜಾಮನ ಕನ್ನಡ ದಿನಪತ್ರಿಕೆ ಕೊಂಡು ಓದಿ
